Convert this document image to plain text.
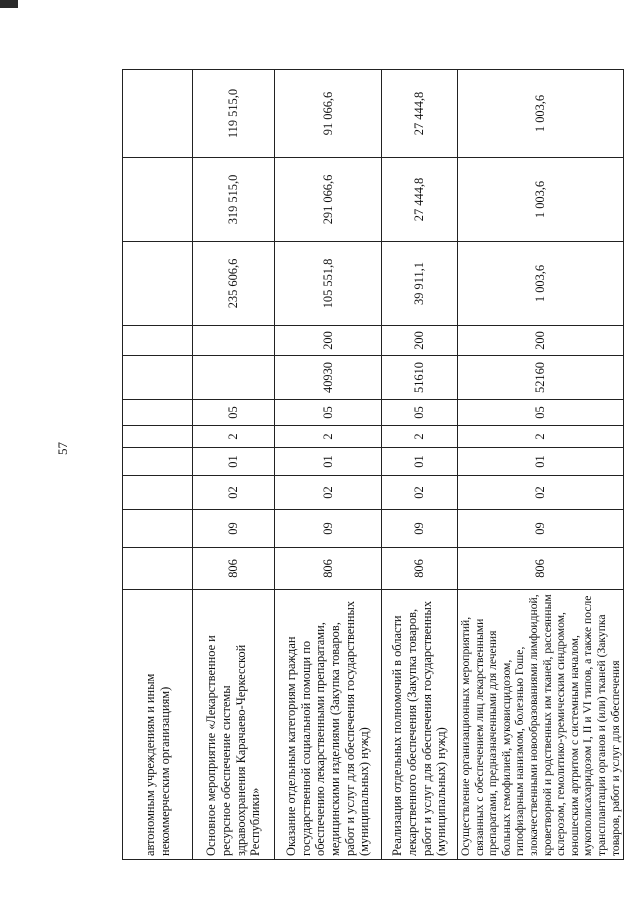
57
автономным учреждениям и иным некоммерческим организациям)											
Основное мероприятие «Лекарственное и ресурсное обеспечение системы здравоохранения Карачаево-Черкесской Республики»	806	09	02	01	2	05			235 606,6	319 515,0	119 515,0
Оказание отдельным категориям граждан государственной социальной помощи по обеспечению лекарственными препаратами, медицинскими изделиями (Закупка товаров, работ и услуг для обеспечения государственных (муниципальных) нужд)	806	09	02	01	2	05	40930	200	105 551,8	291 066,6	91 066,6
Реализация отдельных полномочий в области лекарственного обеспечения (Закупка товаров, работ и услуг для обеспечения государственных (муниципальных) нужд)	806	09	02	01	2	05	51610	200	39 911,1	27 444,8	27 444,8
Осуществление организационных мероприятий, связанных с обеспечением лиц лекарственными препаратами, предназначенными для лечения больных гемофилией, муковисцидозом, гипофизарным нанизмом, болезнью Гоше, злокачественными новообразованиями лимфоидной, кроветворной и родственных им тканей, рассеянным склерозом, гемолитико-уремическим синдромом, юношеским артритом с системным началом, мукополисахаридозом I, II и VI типов, а также после трансплантации органов и (или) тканей (Закупка товаров, работ и услуг для обеспечения	806	09	02	01	2	05	52160	200	1 003,6	1 003,6	1 003,6
